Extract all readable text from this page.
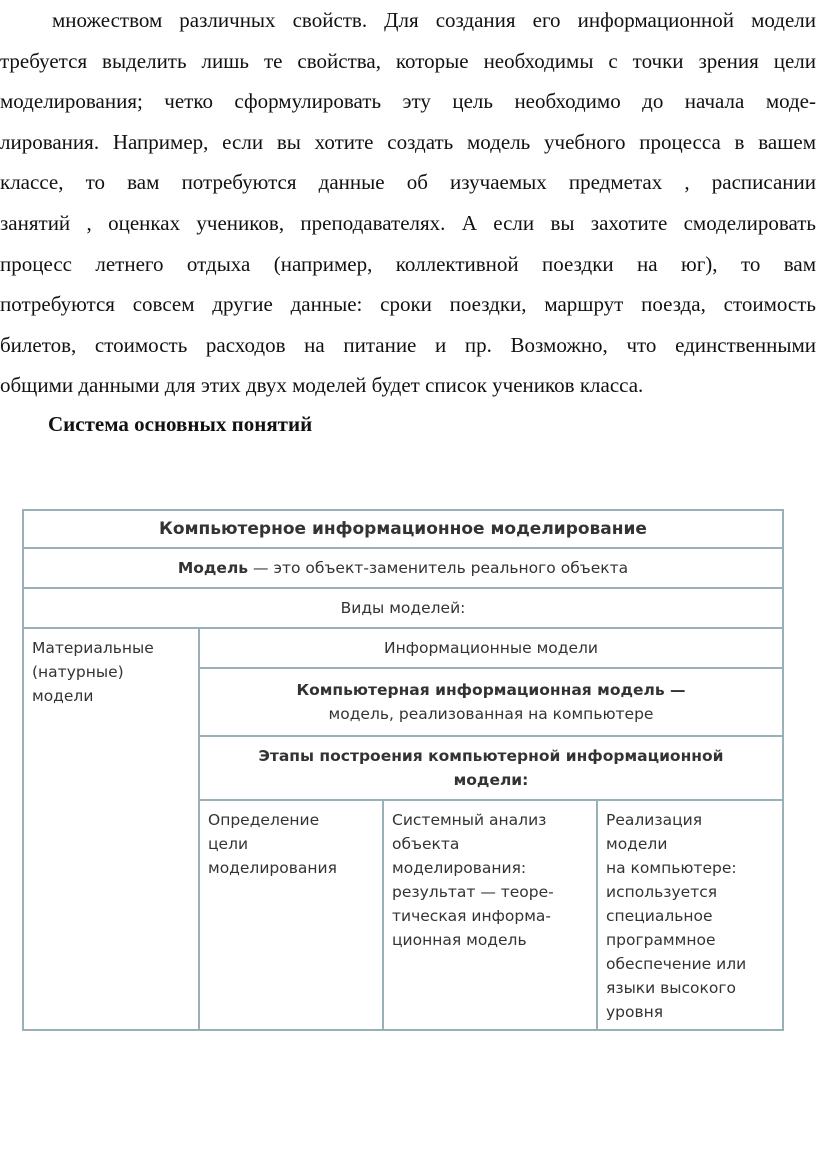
множеством различных свойств. Для создания его информационной модели
требуется выделить лишь те свойства, которые необходимы с точки зрения цели
моделирования; четко сформулировать эту цель необходимо до начала моде-
лирования. Например, если вы хотите создать модель учебного процесса в вашем
классе, то вам потребуются данные об изучаемых предметах , расписании
занятий , оценках учеников, преподавателях. А если вы захотите смоделировать
процесс летнего отдыха (например, коллективной поездки на юг), то вам
потребуются совсем другие данные: сроки поездки, маршрут поезда, стоимость
билетов, стоимость расходов на питание и пр. Возможно, что единственными
общими данными для этих двух моделей будет список учеников класса.
Система основных понятий
Компьютерное информационное моделирование
Модель — это объект-заменитель реального объекта
Виды моделей:
Материальные
(натурные)
модели
Информационные модели
Компьютерная информационная модель —
модель, реализованная на компьютере
Этапы построения компьютерной информационной
модели:
Определение
цели
моделирования
Системный анализ
объекта
моделирования:
результат — теоре-
тическая информа-
ционная модель
Реализация
модели
на компьютере:
используется
специальное
программное
обеспечение или
языки высокого
уровня
